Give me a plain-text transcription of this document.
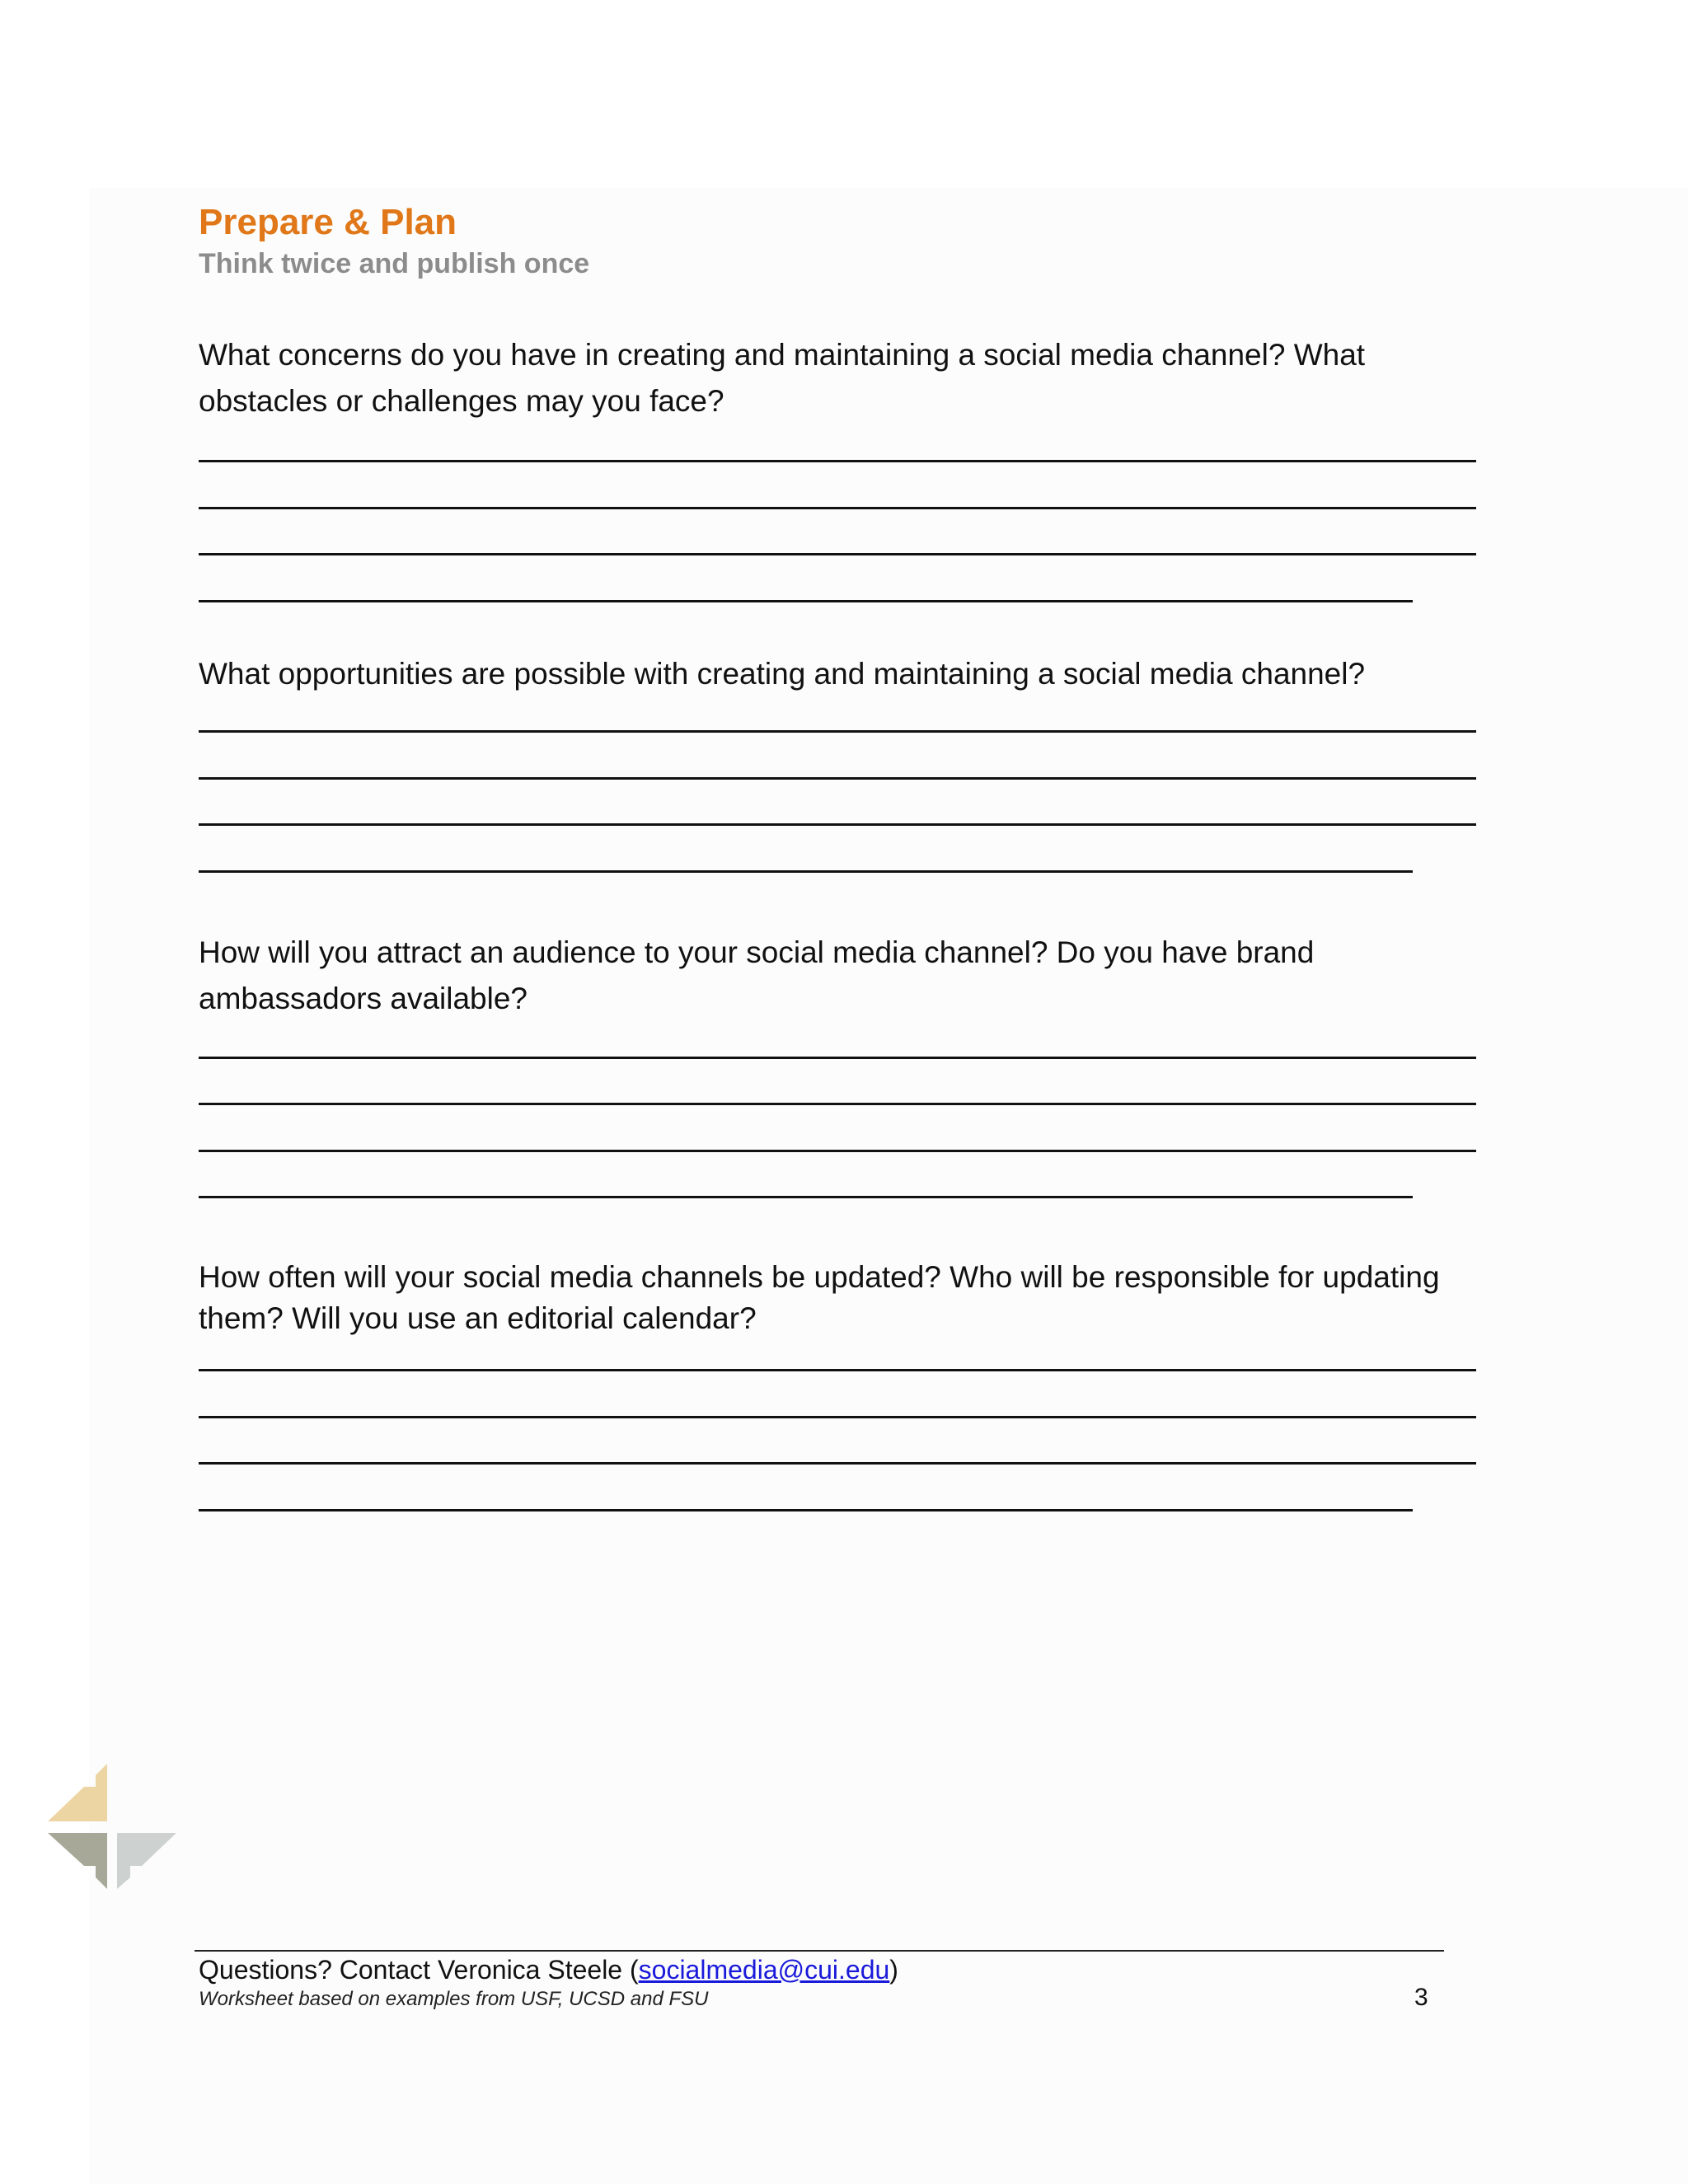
Prepare & Plan
Think twice and publish once
What concerns do you have in creating and maintaining a social media channel? What obstacles or challenges may you face?
What opportunities are possible with creating and maintaining a social media channel?
How will you attract an audience to your social media channel? Do you have brand ambassadors available?
How often will your social media channels be updated? Who will be responsible for updating them? Will you use an editorial calendar?
Questions? Contact Veronica Steele (socialmedia@cui.edu)
Worksheet based on examples from USF, UCSD and FSU	3
